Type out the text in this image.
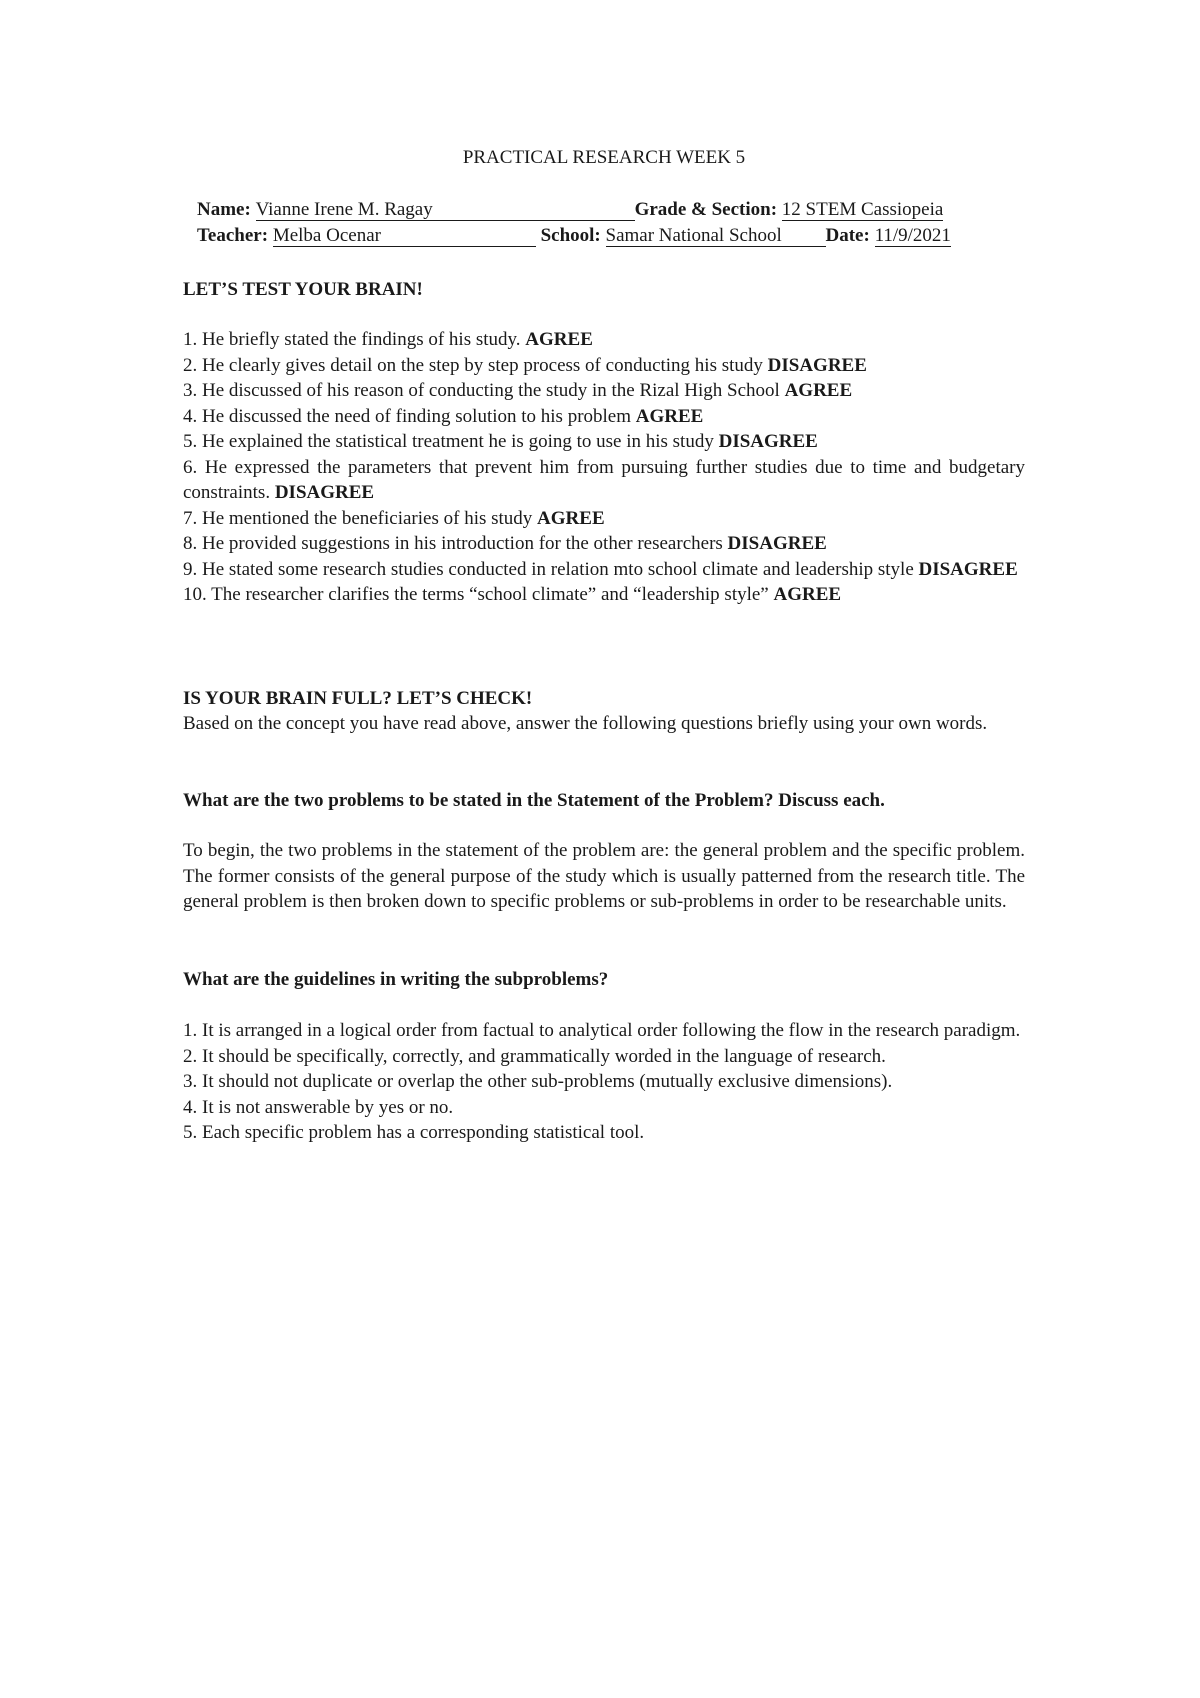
PRACTICAL RESEARCH WEEK 5
Name: Vianne Irene M. Ragay	Grade & Section: 12 STEM Cassiopeia
Teacher: Melba Ocenar	School: Samar National School Date: 11/9/2021
LET’S TEST YOUR BRAIN!

1. He briefly stated the findings of his study. AGREE

2. He clearly gives detail on the step by step process of conducting his study DISAGREE

3. He discussed of his reason of conducting the study in the Rizal High School AGREE

4. He discussed the need of finding solution to his problem AGREE

5. He explained the statistical treatment he is going to use in his study DISAGREE

6. He expressed the parameters that prevent him from pursuing further studies due to time and budgetary constraints. DISAGREE

7. He mentioned the beneficiaries of his study AGREE

8. He provided suggestions in his introduction for the other researchers DISAGREE

9. He stated some research studies conducted in relation mto school climate and leadership style DISAGREE

10. The researcher clarifies the terms “school climate” and “leadership style” AGREE

IS YOUR BRAIN FULL? LET’S CHECK!
Based on the concept you have read above, answer the following questions briefly using your own words.
What are the two problems to be stated in the Statement of the Problem? Discuss each.
To begin, the two problems in the statement of the problem are: the general problem and the specific problem. The former consists of the general purpose of the study which is usually patterned from the research title. The general problem is then broken down to specific problems or sub-problems in order to be researchable units.
What are the guidelines in writing the subproblems?

1. It is arranged in a logical order from factual to analytical order following the flow in the research paradigm.

2. It should be specifically, correctly, and grammatically worded in the language of research.

3. It should not duplicate or overlap the other sub-problems (mutually exclusive dimensions).

4. It is not answerable by yes or no.

5. Each specific problem has a corresponding statistical tool.
